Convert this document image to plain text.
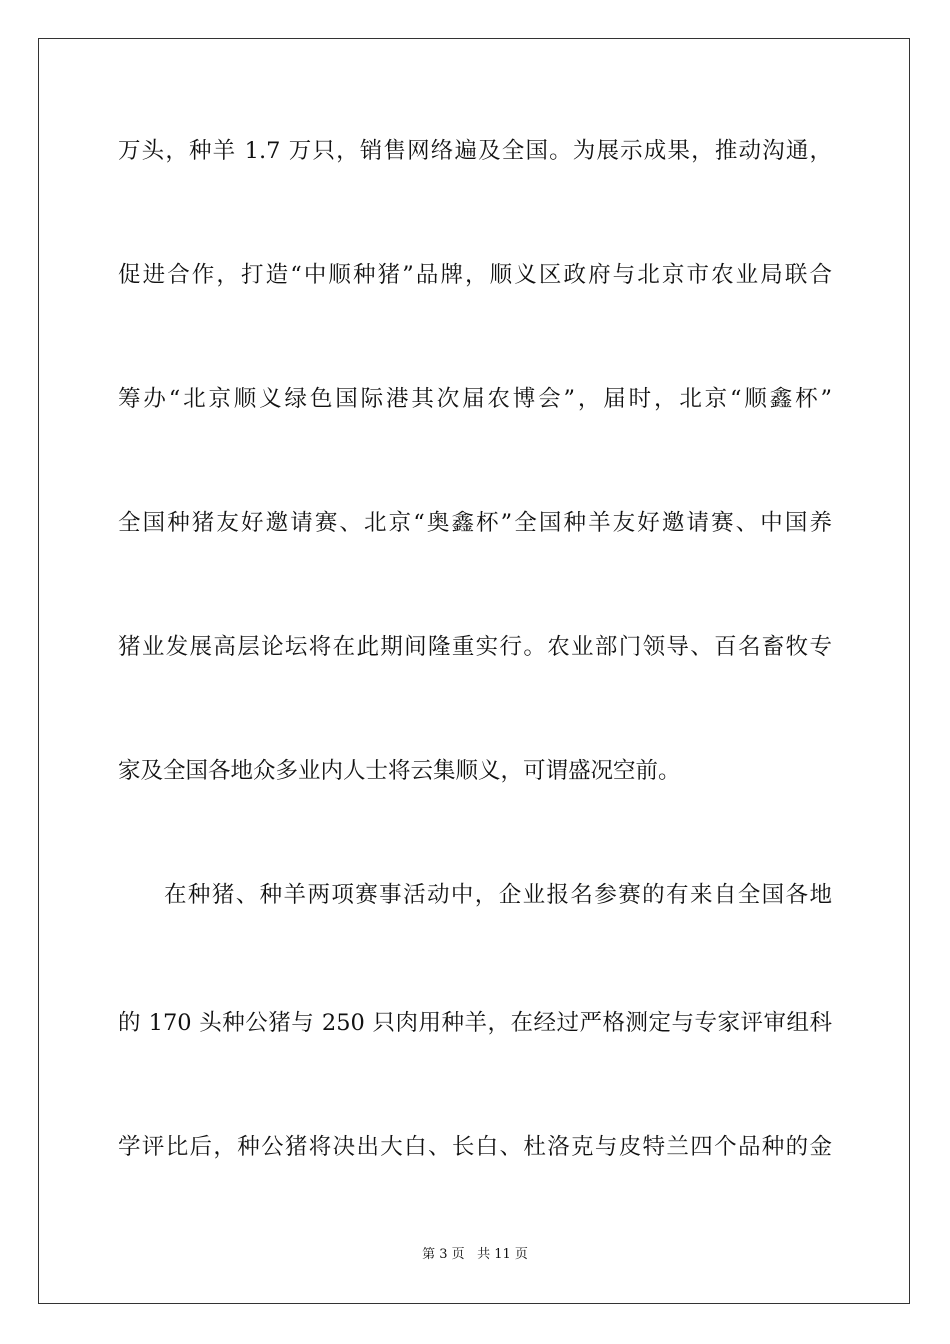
万头，种羊 1.7 万只，销售网络遍及全国。为展示成果，推动沟通，
促进合作，打造“中顺种猪”品牌，顺义区政府与北京市农业局联合
筹办“北京顺义绿色国际港其次届农博会”，届时，北京“顺鑫杯”
全国种猪友好邀请赛、北京“奥鑫杯”全国种羊友好邀请赛、中国养
猪业发展高层论坛将在此期间隆重实行。农业部门领导、百名畜牧专
家及全国各地众多业内人士将云集顺义，可谓盛况空前。
在种猪、种羊两项赛事活动中，企业报名参赛的有来自全国各地
的 170 头种公猪与 250 只肉用种羊，在经过严格测定与专家评审组科
学评比后，种公猪将决出大白、长白、杜洛克与皮特兰四个品种的金
第 3 页 共 11 页
